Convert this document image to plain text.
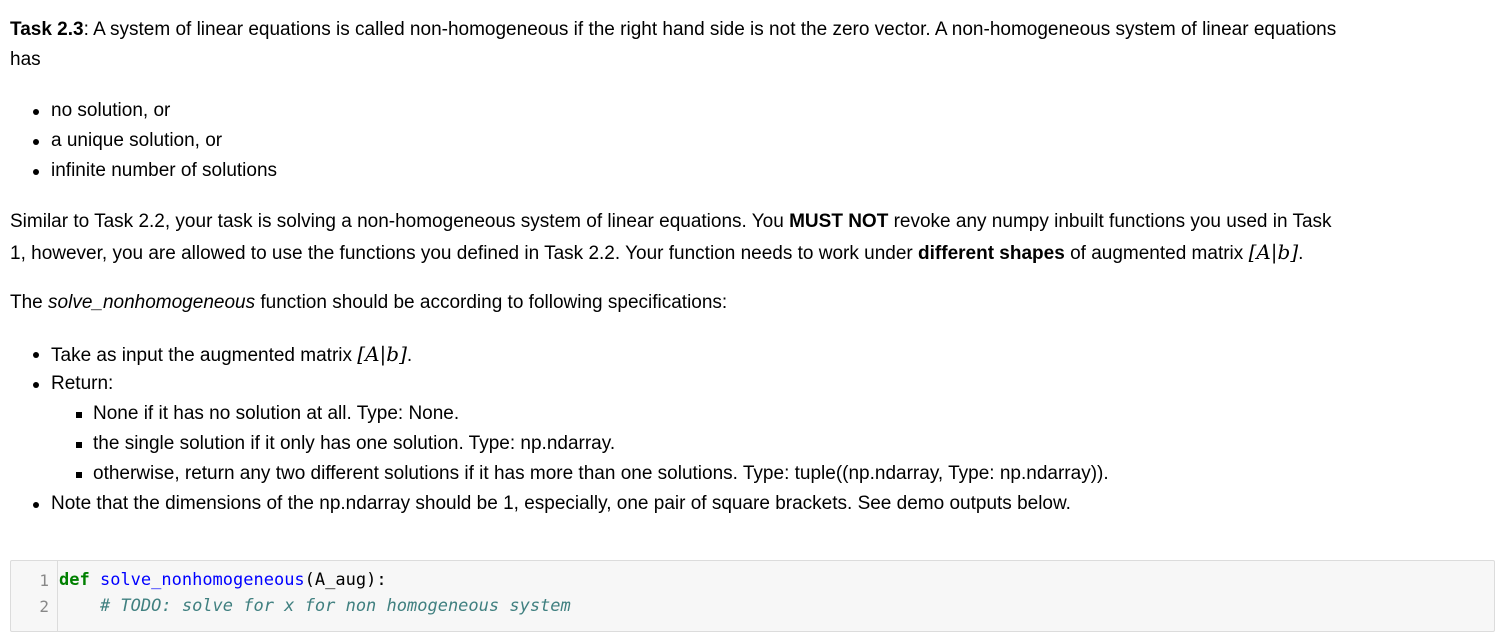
Task 2.3: A system of linear equations is called non-homogeneous if the right hand side is not the zero vector. A non-homogeneous system of linear equations
has
no solution, or
a unique solution, or
infinite number of solutions
Similar to Task 2.2, your task is solving a non-homogeneous system of linear equations. You MUST NOT revoke any numpy inbuilt functions you used in Task
1, however, you are allowed to use the functions you defined in Task 2.2. Your function needs to work under different shapes of augmented matrix [A|b].
The solve_nonhomogeneous function should be according to following specifications:
Take as input the augmented matrix [A|b].
Return:
None if it has no solution at all. Type: None.
the single solution if it only has one solution. Type: np.ndarray.
otherwise, return any two different solutions if it has more than one solutions. Type: tuple((np.ndarray, Type: np.ndarray)).
Note that the dimensions of the np.ndarray should be 1, especially, one pair of square brackets. See demo outputs below.
1
2
def solve_nonhomogeneous(A_aug):
# TODO: solve for x for non homogeneous system
